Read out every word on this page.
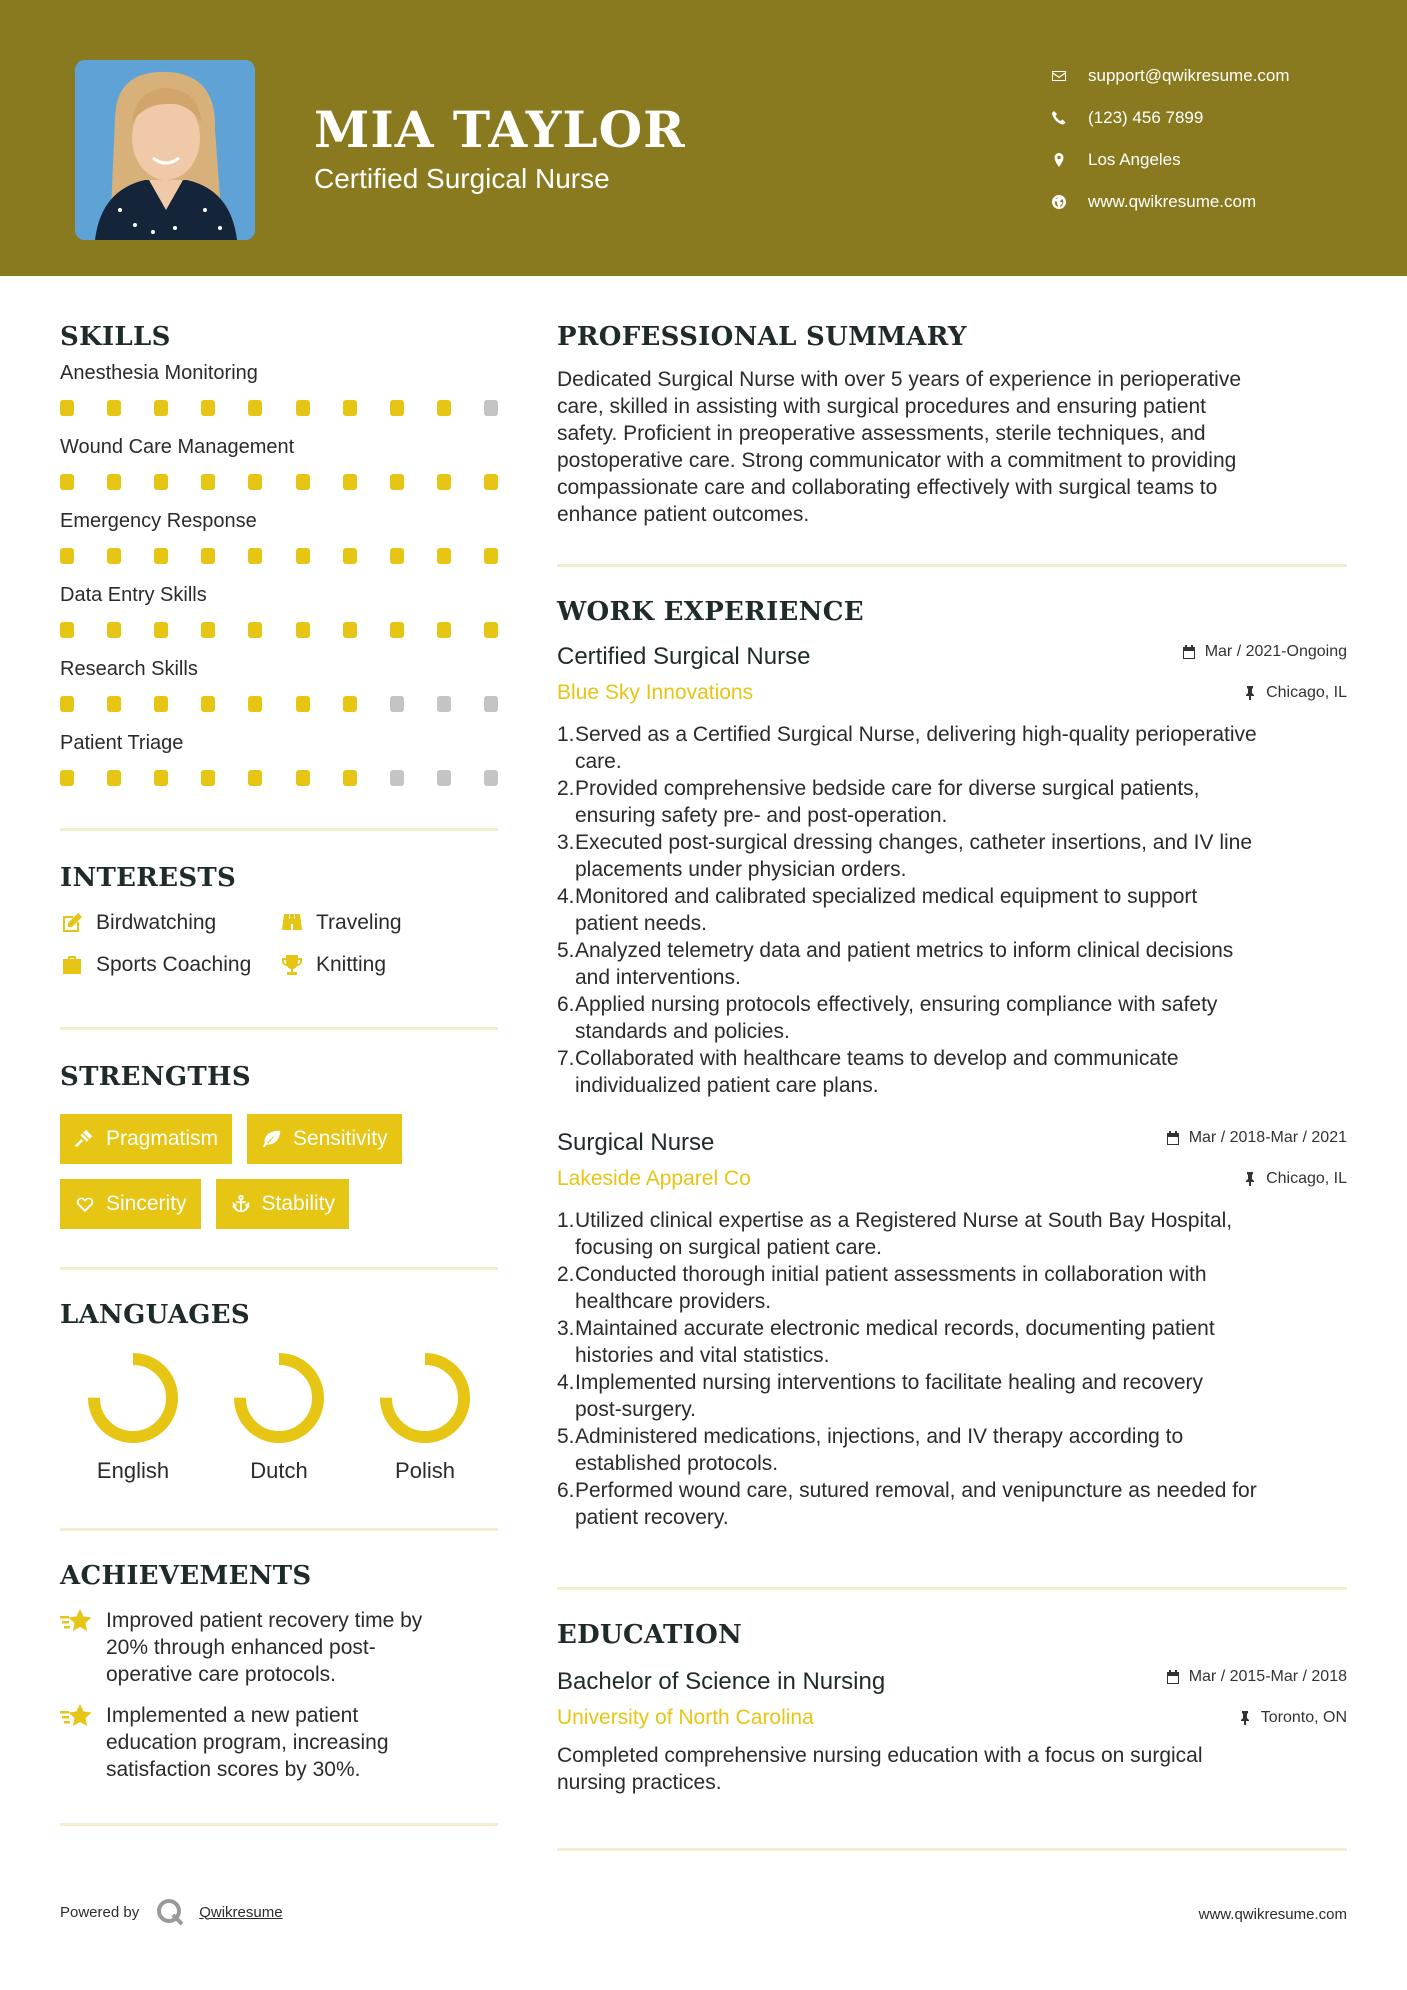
MIA TAYLOR
Certified Surgical Nurse
support@qwikresume.com
(123) 456 7899
Los Angeles
www.qwikresume.com
SKILLS
Anesthesia Monitoring
Wound Care Management
Emergency Response
Data Entry Skills
Research Skills
Patient Triage
INTERESTS
Birdwatching	Traveling
Sports Coaching	Knitting
STRENGTHS
Pragmatism	Sensitivity
Sincerity	Stability
LANGUAGES
English	Dutch	Polish
ACHIEVEMENTS
Improved patient recovery time by
20% through enhanced post-
operative care protocols.
Implemented a new patient
education program, increasing
satisfaction scores by 30%.
PROFESSIONAL SUMMARY
Dedicated Surgical Nurse with over 5 years of experience in perioperative
care, skilled in assisting with surgical procedures and ensuring patient
safety. Proficient in preoperative assessments, sterile techniques, and
postoperative care. Strong communicator with a commitment to providing
compassionate care and collaborating effectively with surgical teams to
enhance patient outcomes.
WORK EXPERIENCE
Certified Surgical Nurse	Mar / 2021-Ongoing
Blue Sky Innovations	Chicago, IL
1. Served as a Certified Surgical Nurse, delivering high-quality perioperative
care.
2. Provided comprehensive bedside care for diverse surgical patients,
ensuring safety pre- and post-operation.
3. Executed post-surgical dressing changes, catheter insertions, and IV line
placements under physician orders.
4. Monitored and calibrated specialized medical equipment to support
patient needs.
5. Analyzed telemetry data and patient metrics to inform clinical decisions
and interventions.
6. Applied nursing protocols effectively, ensuring compliance with safety
standards and policies.
7. Collaborated with healthcare teams to develop and communicate
individualized patient care plans.
Surgical Nurse	Mar / 2018-Mar / 2021
Lakeside Apparel Co	Chicago, IL
1. Utilized clinical expertise as a Registered Nurse at South Bay Hospital,
focusing on surgical patient care.
2. Conducted thorough initial patient assessments in collaboration with
healthcare providers.
3. Maintained accurate electronic medical records, documenting patient
histories and vital statistics.
4. Implemented nursing interventions to facilitate healing and recovery
post-surgery.
5. Administered medications, injections, and IV therapy according to
established protocols.
6. Performed wound care, sutured removal, and venipuncture as needed for
patient recovery.
EDUCATION
Bachelor of Science in Nursing	Mar / 2015-Mar / 2018
University of North Carolina	Toronto, ON
Completed comprehensive nursing education with a focus on surgical
nursing practices.
Powered by	Qwikresume	www.qwikresume.com
